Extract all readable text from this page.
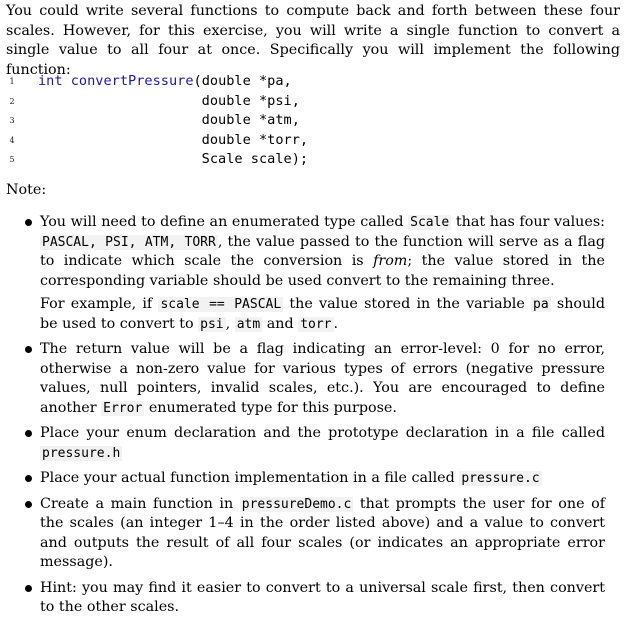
You could write several functions to compute back and forth between these four scales. However, for this exercise, you will write a single function to convert a single value to all four at once. Specifically you will implement the following function:

1	int convertPressure(double *pa,
2	double *psi,
3	double *atm,
4	double *torr,
5	Scale scale);
Note:

You will need to define an enumerated type called Scale that has four values: PASCAL, PSI, ATM, TORR , the value passed to the function will serve as a flag to indicate which scale the conversion is from; the value stored in the corresponding variable should be used convert to the remaining three.

For example, if scale == PASCAL the value stored in the variable pa should be used to convert to psi , atm and torr .

The return value will be a flag indicating an error-level: 0 for no error, otherwise a non-zero value for various types of errors (negative pressure values, null pointers, invalid scales, etc.). You are encouraged to define another Error enumerated type for this purpose.

Place your enum declaration and the prototype declaration in a file called pressure.h

Place your actual function implementation in a file called pressure.c

Create a main function in pressureDemo.c that prompts the user for one of the scales (an integer 1–4 in the order listed above) and a value to convert and outputs the result of all four scales (or indicates an appropriate error message).

Hint: you may find it easier to convert to a universal scale first, then convert to the other scales.
